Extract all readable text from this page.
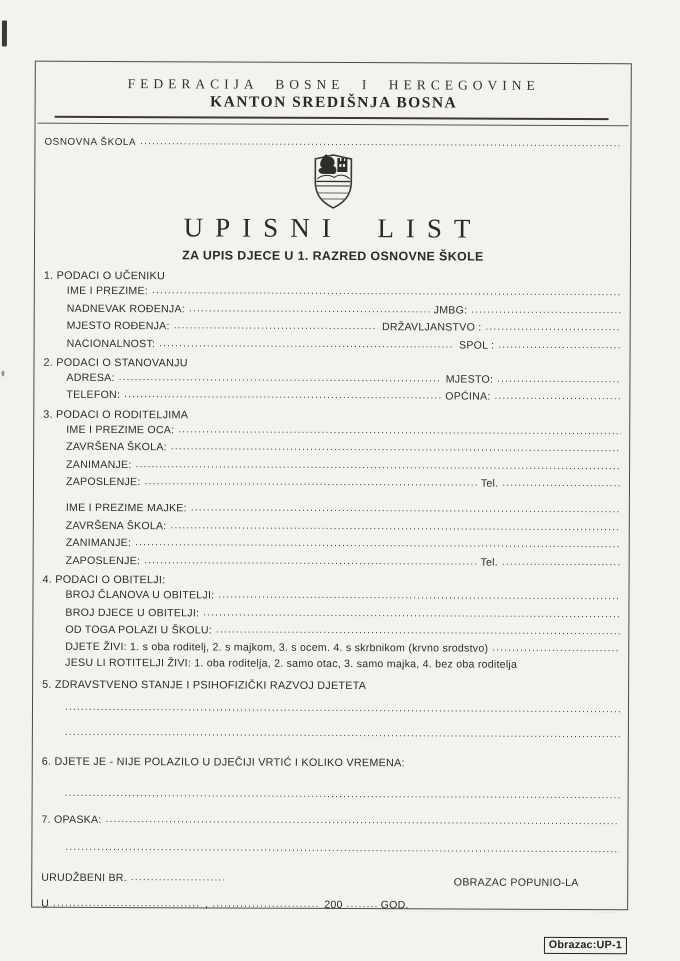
FEDERACIJA BOSNE I HERCEGOVINE
KANTON SREDIŠNJA BOSNA
OSNOVNA ŠKOLA
.....
UPISNI LIST
ZA UPIS DJECE U 1. RAZRED OSNOVNE ŠKOLE
1. PODACI O UČENIKU
IME I PREZIME:
.....
NADNEVAK ROĐENJA: .....	JMBG:
.....
MJESTO ROĐENJA: .....	DRŽAVLJANSTVO :
.....
NACIONALNOST: .....	SPOL :
.....
2. PODACI O STANOVANJU
ADRESA: .....	MJESTO:
.....
TELEFON: .....	OPĆINA:
.....
3. PODACI O RODITELJIMA
IME I PREZIME OCA:
.....
ZAVRŠENA ŠKOLA:
.....
ZANIMANJE:
.....
ZAPOSLENJE: .....	Tel.
.....
IME I PREZIME MAJKE:
.....
ZAVRŠENA ŠKOLA:
.....
ZANIMANJE:
.....
ZAPOSLENJE: .....	Tel.
.....
4. PODACI O OBITELJI:
BROJ ČLANOVA U OBITELJI:
.....
BROJ DJECE U OBITELJI:
.....
OD TOGA POLAZI U ŠKOLU:
.....
DJETE ŽIVI: 1. s oba roditelj, 2. s majkom, 3. s ocem. 4. s skrbnikom (krvno srodstvo)
.....
JESU LI ROTITELJI ŽIVI: 1. oba roditelja, 2. samo otac, 3. samo majka, 4. bez oba roditelja
5. ZDRAVSTVENO STANJE I PSIHOFIZIČKI RAZVOJ DJETETA
.....
.....
6. DJETE JE - NIJE POLAZILO U DJEČIJI VRTIĆ I KOLIKO VREMENA:
.....
7. OPASKA:
.....
.....
URUDŽBENI BR.
.....
U .....	, .....	200 .....	GOD.
OBRAZAC POPUNIO-LA
.....
Obrazac:UP-1
